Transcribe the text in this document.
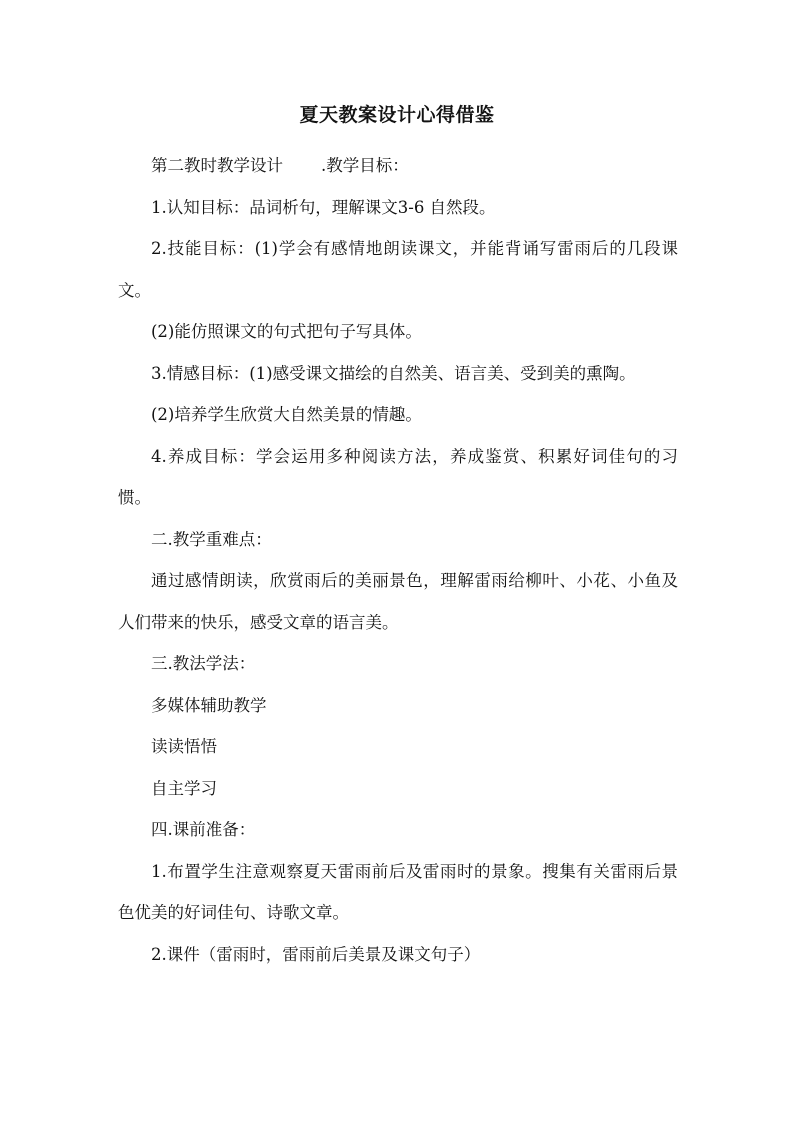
夏天教案设计心得借鉴

第二教时教学设计 .教学目标：

1.认知目标：品词析句，理解课文3-6 自然段。

2.技能目标：(1)学会有感情地朗读课文，并能背诵写雷雨后的几段课文。

(2)能仿照课文的句式把句子写具体。

3.情感目标：(1)感受课文描绘的自然美、语言美、受到美的熏陶。

(2)培养学生欣赏大自然美景的情趣。

4.养成目标：学会运用多种阅读方法，养成鉴赏、积累好词佳句的习惯。

二.教学重难点：

通过感情朗读，欣赏雨后的美丽景色，理解雷雨给柳叶、小花、小鱼及人们带来的快乐，感受文章的语言美。

三.教法学法：

多媒体辅助教学

读读悟悟

自主学习

四.课前准备：

1.布置学生注意观察夏天雷雨前后及雷雨时的景象。搜集有关雷雨后景色优美的好词佳句、诗歌文章。

2.课件（雷雨时，雷雨前后美景及课文句子）
